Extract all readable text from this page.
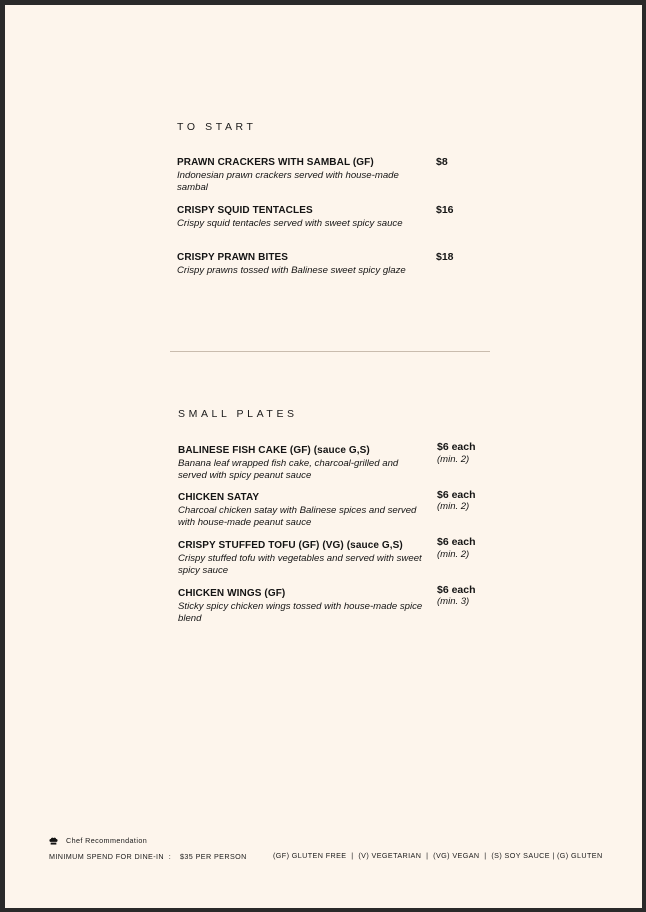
TO START
PRAWN CRACKERS WITH SAMBAL (GF)
Indonesian prawn crackers served with house-made sambal
$8
CRISPY SQUID TENTACLES
Crispy squid tentacles served with sweet spicy sauce
$16
CRISPY PRAWN BITES
Crispy prawns tossed with Balinese sweet spicy glaze
$18
SMALL PLATES
BALINESE FISH CAKE (GF) (sauce G,S)
Banana leaf wrapped fish cake, charcoal-grilled and served with spicy peanut sauce
$6 each
(min. 2)
CHICKEN SATAY
Charcoal chicken satay with Balinese spices and served with house-made peanut sauce
$6 each
(min. 2)
CRISPY STUFFED TOFU (GF) (VG) (sauce G,S)
Crispy stuffed tofu with vegetables and served with sweet spicy sauce
$6 each
(min. 2)
CHICKEN WINGS (GF)
Sticky spicy chicken wings tossed with house-made spice blend
$6 each
(min. 3)
Chef Recommendation
MINIMUM SPEND FOR DINE-IN  : $35 PER PERSON	(GF) GLUTEN FREE  |  (V) VEGETARIAN  |  (VG) VEGAN  |  (S) SOY SAUCE | (G) GLUTEN
